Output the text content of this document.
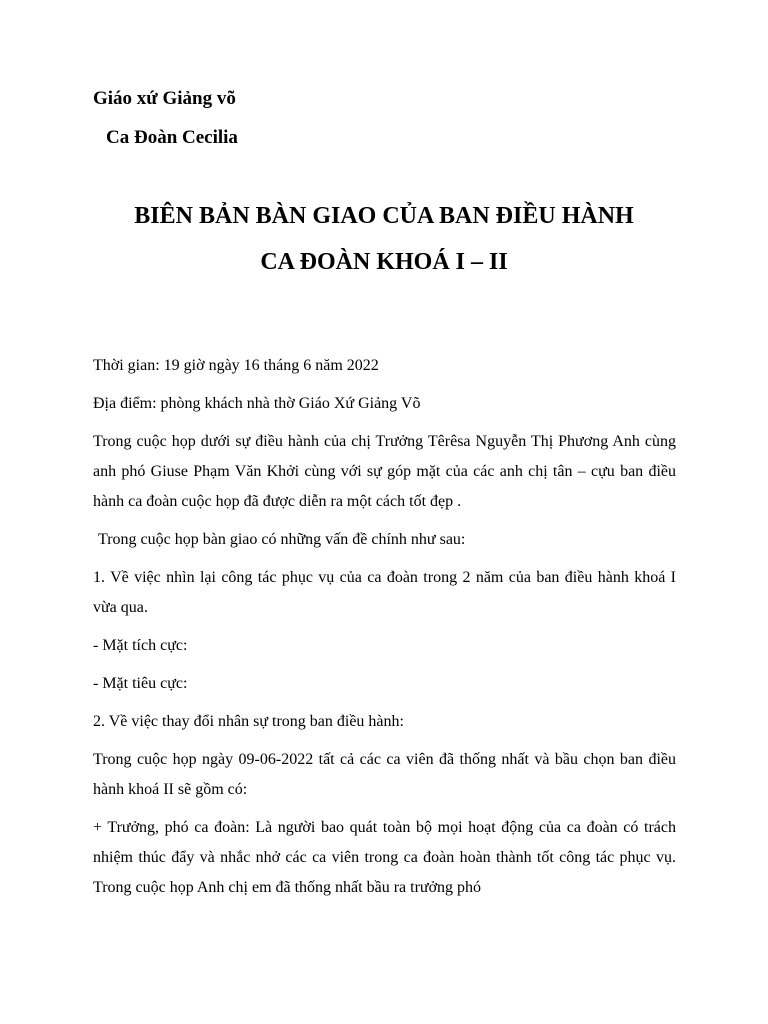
Giáo xứ Giảng võ
Ca Đoàn Cecilia
BIÊN BẢN BÀN GIAO CỦA BAN ĐIỀU HÀNH
CA ĐOÀN KHOÁ I – II

Thời gian: 19 giờ ngày 16 tháng 6 năm 2022

Địa điểm: phòng khách nhà thờ Giáo Xứ Giảng Võ

Trong cuộc họp dưới sự điều hành của chị Trưởng Têrêsa Nguyễn Thị Phương Anh cùng anh phó Giuse Phạm Văn Khởi cùng với sự góp mặt của các anh chị tân – cựu ban điều hành ca đoàn cuộc họp đã được diễn ra một cách tốt đẹp .

Trong cuộc họp bàn giao có những vấn đề chính như sau:

1. Về việc nhìn lại công tác phục vụ của ca đoàn trong 2 năm của ban điều hành khoá I vừa qua.

- Mặt tích cực:

- Mặt tiêu cực:

2. Về việc thay đổi nhân sự trong ban điều hành:

Trong cuộc họp ngày 09-06-2022 tất cả các ca viên đã thống nhất và bầu chọn ban điều hành khoá II sẽ gồm có:

+ Trưởng, phó ca đoàn: Là người bao quát toàn bộ mọi hoạt động của ca đoàn có trách nhiệm thúc đẩy và nhắc nhở các ca viên trong ca đoàn hoàn thành tốt công tác phục vụ. Trong cuộc họp Anh chị em đã thống nhất bầu ra trưởng phó
